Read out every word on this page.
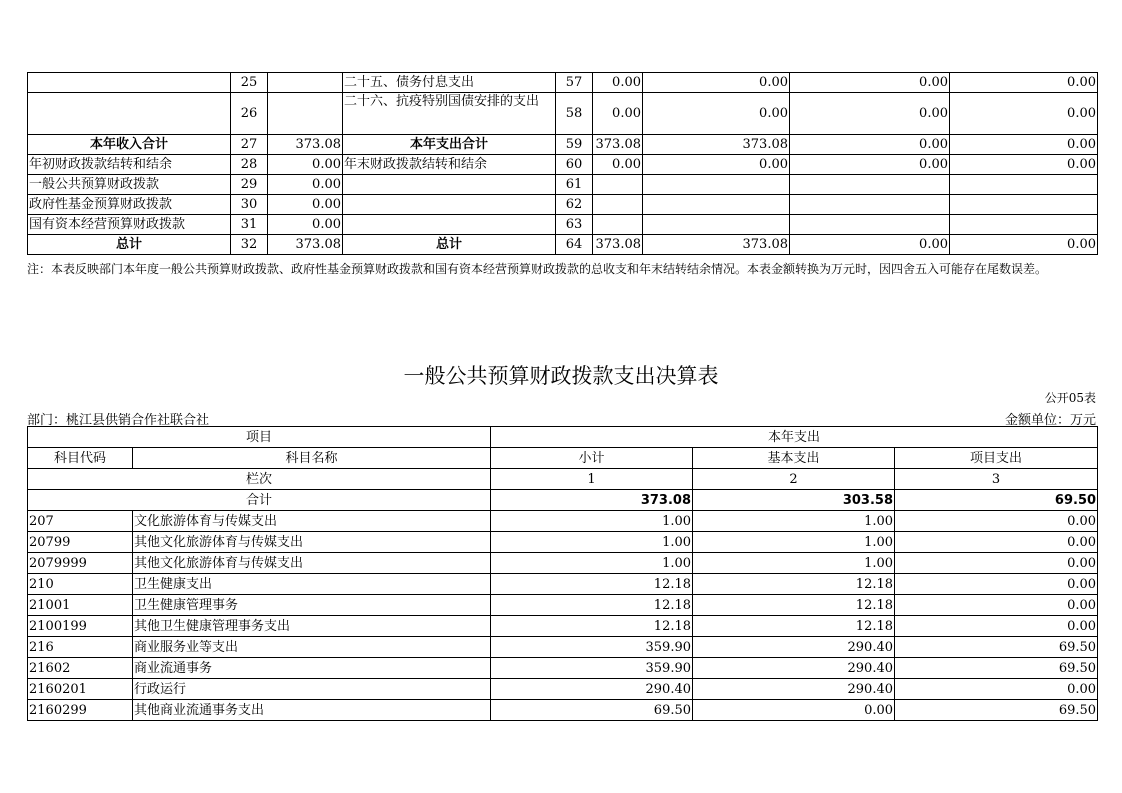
	25		二十五、债务付息支出	57	0.00	0.00	0.00	0.00
	26		二十六、抗疫特别国债安排的支出	58	0.00	0.00	0.00	0.00
本年收入合计	27	373.08	本年支出合计	59	373.08	373.08	0.00	0.00
年初财政拨款结转和结余	28	0.00	年末财政拨款结转和结余	60	0.00	0.00	0.00	0.00
一般公共预算财政拨款	29	0.00		61				
政府性基金预算财政拨款	30	0.00		62				
国有资本经营预算财政拨款	31	0.00		63				
总计	32	373.08	总计	64	373.08	373.08	0.00	0.00
注：本表反映部门本年度一般公共预算财政拨款、政府性基金预算财政拨款和国有资本经营预算财政拨款的总收支和年末结转结余情况。本表金额转换为万元时，因四舍五入可能存在尾数误差。
一般公共预算财政拨款支出决算表
公开05表
部门：桃江县供销合作社联合社	金额单位：万元
项目		本年支出		
科目代码	科目名称	小计	基本支出	项目支出
栏次		1	2	3
合计		373.08	303.58	69.50
207	文化旅游体育与传媒支出	1.00	1.00	0.00
20799	其他文化旅游体育与传媒支出	1.00	1.00	0.00
2079999	其他文化旅游体育与传媒支出	1.00	1.00	0.00
210	卫生健康支出	12.18	12.18	0.00
21001	卫生健康管理事务	12.18	12.18	0.00
2100199	其他卫生健康管理事务支出	12.18	12.18	0.00
216	商业服务业等支出	359.90	290.40	69.50
21602	商业流通事务	359.90	290.40	69.50
2160201	行政运行	290.40	290.40	0.00
2160299	其他商业流通事务支出	69.50	0.00	69.50
